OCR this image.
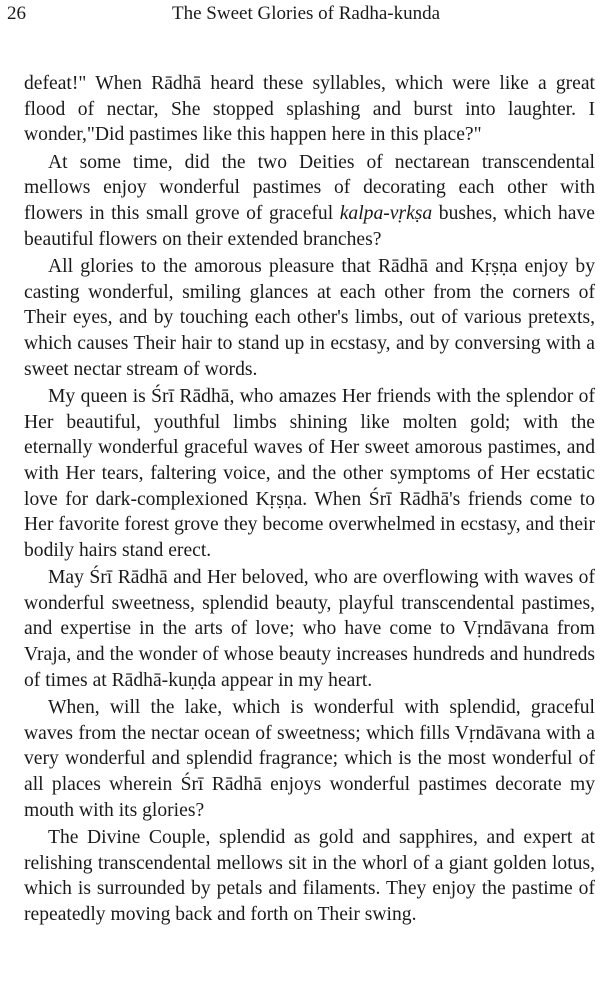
26	The Sweet Glories of Radha-kunda

defeat!" When Rādhā heard these syllables, which were like a great flood of nectar, She stopped splashing and burst into laughter. I wonder,"Did pastimes like this happen here in this place?"

At some time, did the two Deities of nectarean transcendental mellows enjoy wonderful pastimes of decorating each other with flowers in this small grove of graceful kalpa-vṛkṣa bushes, which have beautiful flowers on their extended branches?

All glories to the amorous pleasure that Rādhā and Kṛṣṇa enjoy by casting wonderful, smiling glances at each other from the corners of Their eyes, and by touching each other's limbs, out of various pretexts, which causes Their hair to stand up in ecstasy, and by conversing with a sweet nectar stream of words.

My queen is Śrī Rādhā, who amazes Her friends with the splendor of Her beautiful, youthful limbs shining like molten gold; with the eternally wonderful graceful waves of Her sweet amorous pastimes, and with Her tears, faltering voice, and the other symptoms of Her ecstatic love for dark-complexioned Kṛṣṇa. When Śrī Rādhā's friends come to Her favorite forest grove they become overwhelmed in ecstasy, and their bodily hairs stand erect.

May Śrī Rādhā and Her beloved, who are overflowing with waves of wonderful sweetness, splendid beauty, playful transcendental pastimes, and expertise in the arts of love; who have come to Vṛndāvana from Vraja, and the wonder of whose beauty increases hundreds and hundreds of times at Rādhā-kuṇḍa appear in my heart.

When, will the lake, which is wonderful with splendid, graceful waves from the nectar ocean of sweetness; which fills Vṛndāvana with a very wonderful and splendid fragrance; which is the most wonderful of all places wherein Śrī Rādhā enjoys wonderful pastimes decorate my mouth with its glories?

The Divine Couple, splendid as gold and sapphires, and expert at relishing transcendental mellows sit in the whorl of a giant golden lotus, which is surrounded by petals and filaments. They enjoy the pastime of repeatedly moving back and forth on Their swing.
